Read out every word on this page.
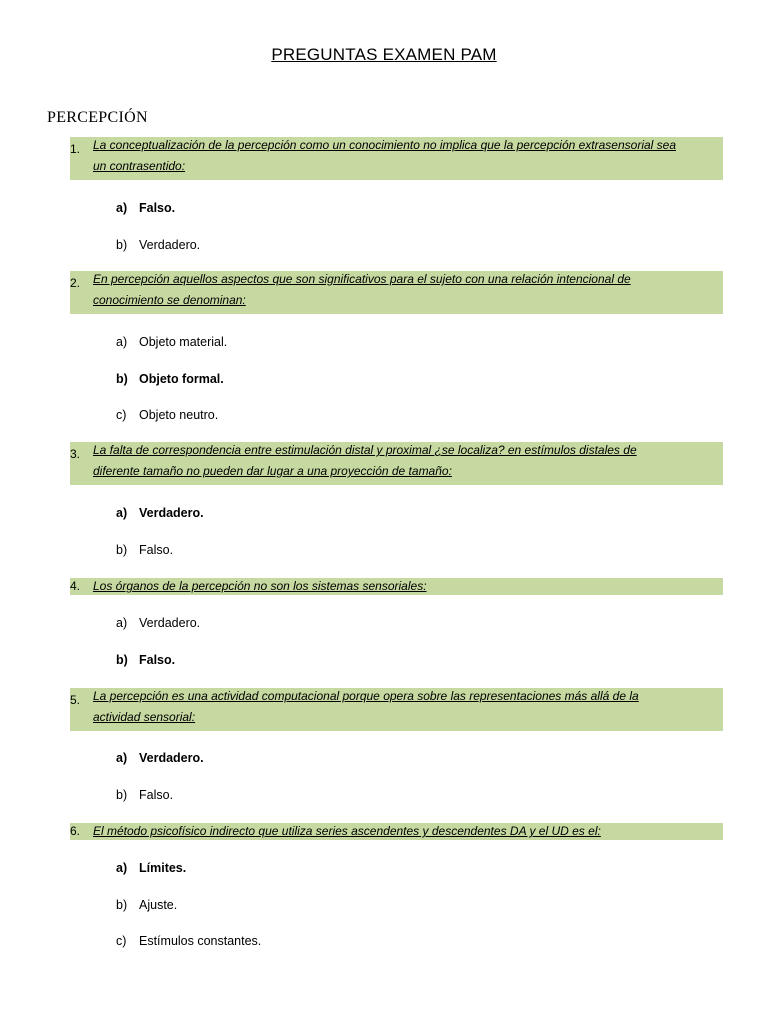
PREGUNTAS EXAMEN PAM
PERCEPCIÓN
1.	La conceptualización de la percepción como un conocimiento no implica que la percepción extrasensorial sea
un contrasentido:
a) Falso.
b) Verdadero.
2.	En percepción aquellos aspectos que son significativos para el sujeto con una relación intencional de
conocimiento se denominan:
a) Objeto material.
b) Objeto formal.
c) Objeto neutro.
3.	La falta de correspondencia entre estimulación distal y proximal ¿se localiza? en estímulos distales de
diferente tamaño no pueden dar lugar a una proyección de tamaño:
a) Verdadero.
b) Falso.
4.	Los órganos de la percepción no son los sistemas sensoriales:
a) Verdadero.
b) Falso.
5.	La percepción es una actividad computacional porque opera sobre las representaciones más allá de la
actividad sensorial:
a) Verdadero.
b) Falso.
6.	El método psicofísico indirecto que utiliza series ascendentes y descendentes DA y el UD es el:
a) Límites.
b) Ajuste.
c) Estímulos constantes.
